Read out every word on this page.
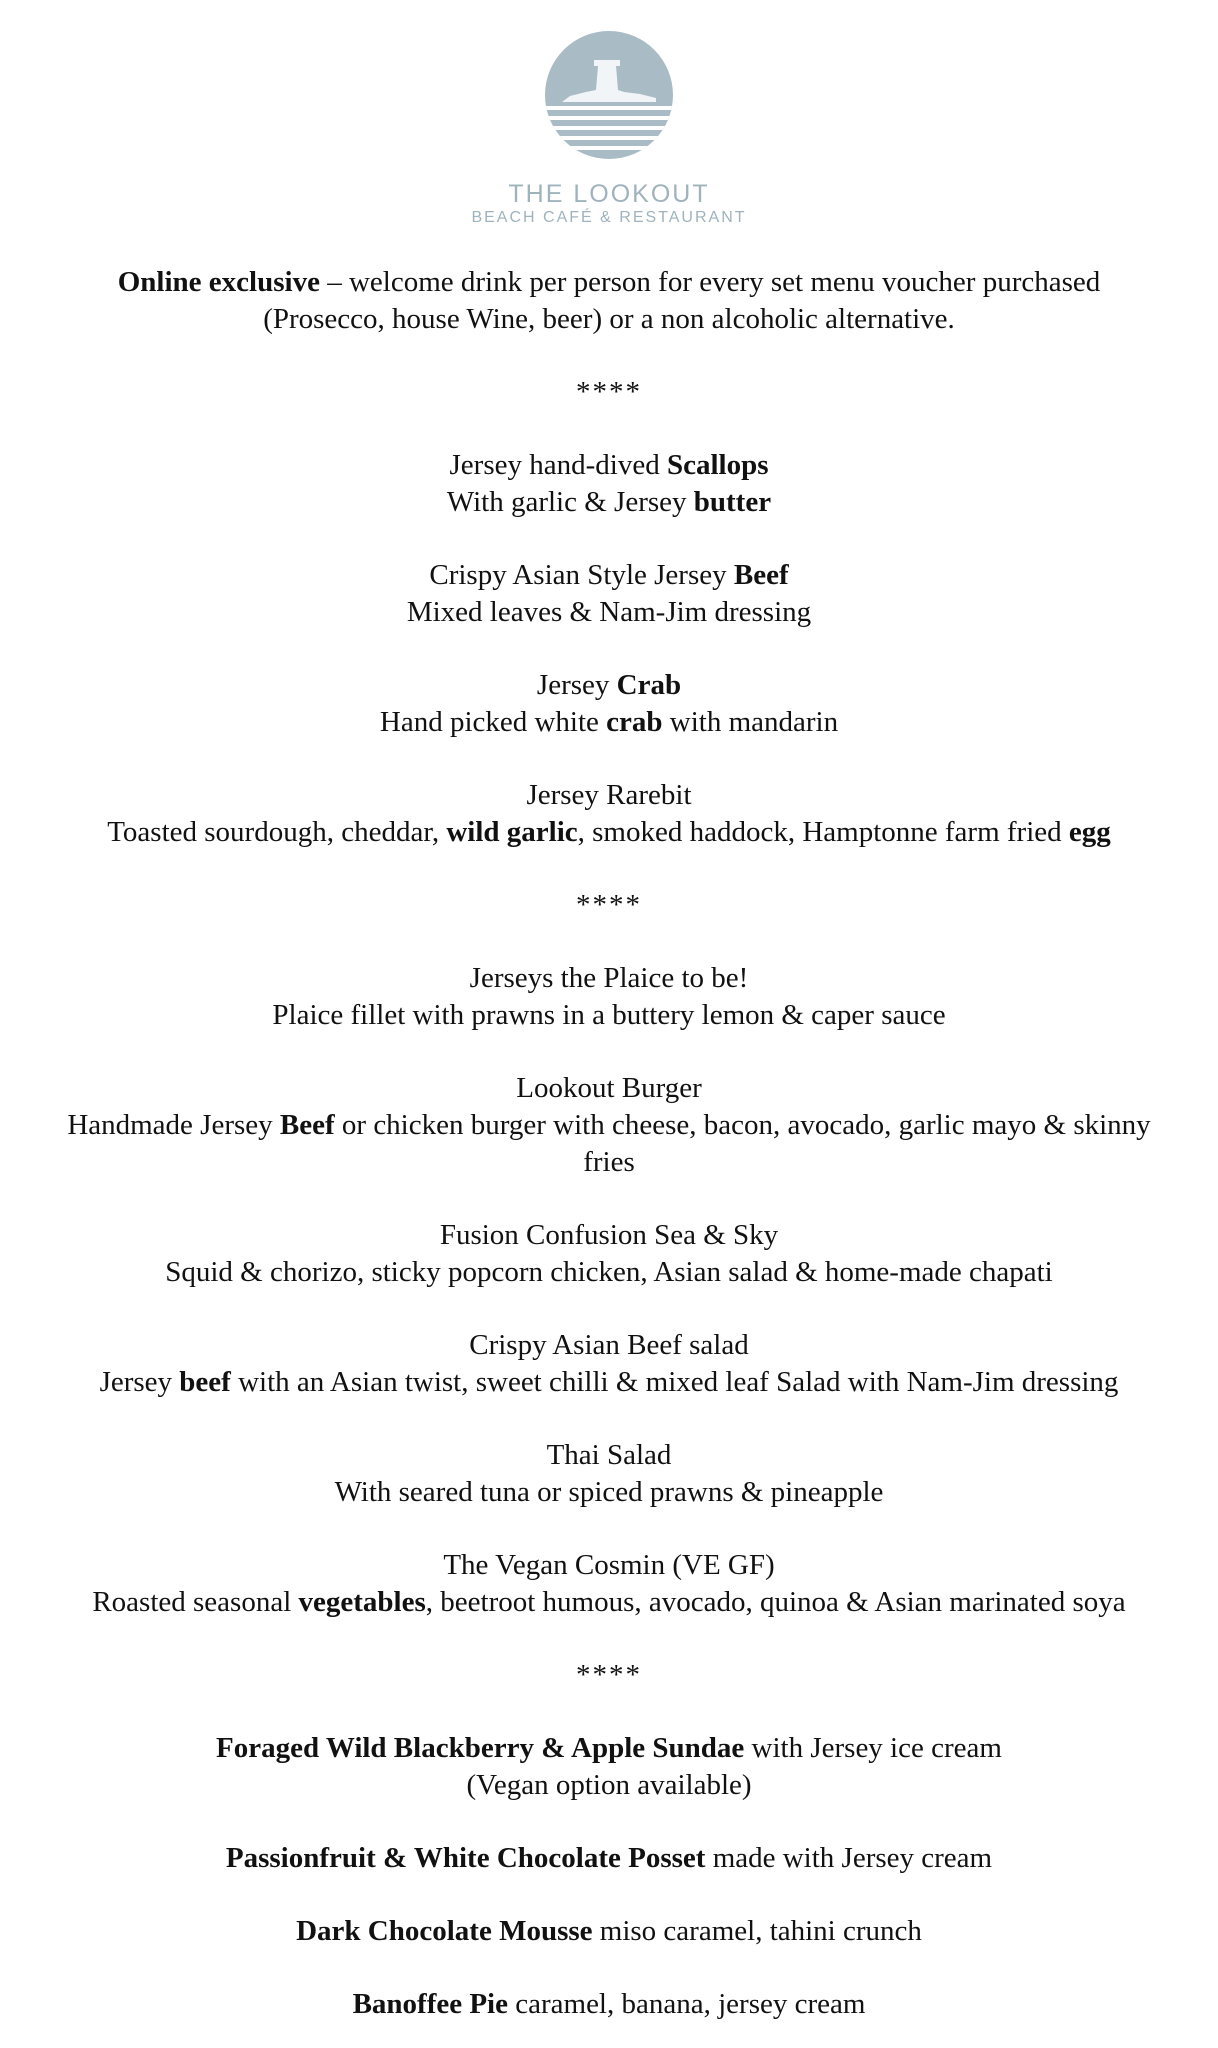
THE LOOKOUT
BEACH CAFÉ & RESTAURANT

Online exclusive – welcome drink per person for every set menu voucher purchased

(Prosecco, house Wine, beer) or a non alcoholic alternative.

****

Jersey hand-dived Scallops

With garlic & Jersey butter

Crispy Asian Style Jersey Beef

Mixed leaves & Nam-Jim dressing

Jersey Crab

Hand picked white crab with mandarin

Jersey Rarebit

Toasted sourdough, cheddar, wild garlic, smoked haddock, Hamptonne farm fried egg

****

Jerseys the Plaice to be!

Plaice fillet with prawns in a buttery lemon & caper sauce

Lookout Burger

Handmade Jersey Beef or chicken burger with cheese, bacon, avocado, garlic mayo & skinny

fries

Fusion Confusion Sea & Sky

Squid & chorizo, sticky popcorn chicken, Asian salad & home-made chapati

Crispy Asian Beef salad

Jersey beef with an Asian twist, sweet chilli & mixed leaf Salad with Nam-Jim dressing

Thai Salad

With seared tuna or spiced prawns & pineapple

The Vegan Cosmin (VE GF)

Roasted seasonal vegetables, beetroot humous, avocado, quinoa & Asian marinated soya

****

Foraged Wild Blackberry & Apple Sundae with Jersey ice cream

(Vegan option available)

Passionfruit & White Chocolate Posset made with Jersey cream

Dark Chocolate Mousse miso caramel, tahini crunch

Banoffee Pie caramel, banana, jersey cream
